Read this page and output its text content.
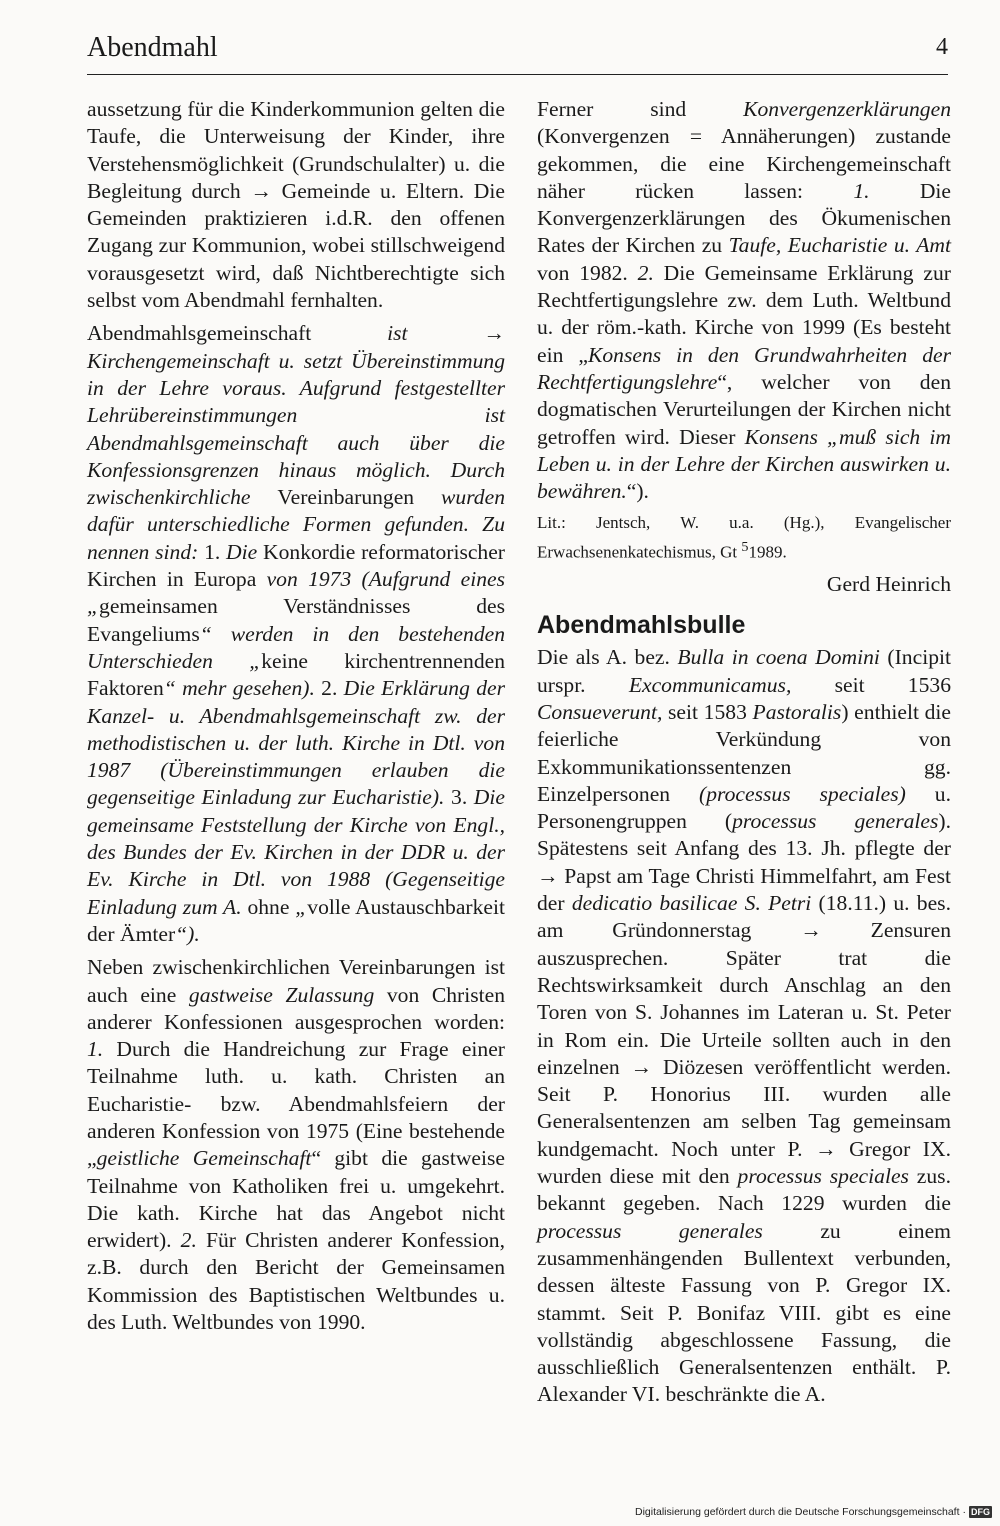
Abendmahl	4

aussetzung für die Kinderkommunion gelten die Taufe, die Unterweisung der Kinder, ihre Verstehensmöglichkeit (Grundschulalter) u. die Begleitung durch → Gemeinde u. Eltern. Die Gemeinden praktizieren i.d.R. den offenen Zugang zur Kommunion, wobei stillschweigend vorausgesetzt wird, daß Nichtberechtigte sich selbst vom Abendmahl fernhalten.

Abendmahlsgemeinschaft ist → Kirchengemeinschaft u. setzt Übereinstimmung in der Lehre voraus. Aufgrund festgestellter Lehrübereinstimmungen ist Abendmahlsgemeinschaft auch über die Konfessionsgrenzen hinaus möglich. Durch zwischenkirchliche Vereinbarungen wurden dafür unterschiedliche Formen gefunden. Zu nennen sind: 1. Die Konkordie reformatorischer Kirchen in Europa von 1973 (Aufgrund eines „gemeinsamen Verständnisses des Evangeliums“ werden in den bestehenden Unterschieden „keine kirchentrennenden Faktoren“ mehr gesehen). 2. Die Erklärung der Kanzel- u. Abendmahlsgemeinschaft zw. der methodistischen u. der luth. Kirche in Dtl. von 1987 (Übereinstimmungen erlauben die gegenseitige Einladung zur Eucharistie). 3. Die gemeinsame Feststellung der Kirche von Engl., des Bundes der Ev. Kirchen in der DDR u. der Ev. Kirche in Dtl. von 1988 (Gegenseitige Einladung zum A. ohne „volle Austauschbarkeit der Ämter“).

Neben zwischenkirchlichen Vereinbarungen ist auch eine gastweise Zulassung von Christen anderer Konfessionen ausgesprochen worden: 1. Durch die Handreichung zur Frage einer Teilnahme luth. u. kath. Christen an Eucharistie- bzw. Abendmahlsfeiern der anderen Konfession von 1975 (Eine bestehende „geistliche Gemeinschaft“ gibt die gastweise Teilnahme von Katholiken frei u. umgekehrt. Die kath. Kirche hat das Angebot nicht erwidert). 2. Für Christen anderer Konfession, z.B. durch den Bericht der Gemeinsamen Kommission des Baptistischen Weltbundes u. des Luth. Weltbundes von 1990.

Ferner sind Konvergenzerklärungen (Konvergenzen = Annäherungen) zustande gekommen, die eine Kirchengemeinschaft näher rücken lassen: 1. Die Konvergenzerklärungen des Ökumenischen Rates der Kirchen zu Taufe, Eucharistie u. Amt von 1982. 2. Die Gemeinsame Erklärung zur Rechtfertigungslehre zw. dem Luth. Weltbund u. der röm.-kath. Kirche von 1999 (Es besteht ein „Konsens in den Grundwahrheiten der Rechtfertigungslehre“, welcher von den dogmatischen Verurteilungen der Kirchen nicht getroffen wird. Dieser Konsens „muß sich im Leben u. in der Lehre der Kirchen auswirken u. bewähren.“).

Lit.: Jentsch, W. u.a. (Hg.), Evangelischer Erwachsenenkatechismus, Gt $^5$1989.

Gerd Heinrich

Abendmahlsbulle

Die als A. bez. Bulla in coena Domini (Incipit urspr. Excommunicamus, seit 1536 Consueverunt, seit 1583 Pastoralis) enthielt die feierliche Verkündung von Exkommunikationssentenzen gg. Einzelpersonen (processus speciales) u. Personengruppen (processus generales). Spätestens seit Anfang des 13. Jh. pflegte der → Papst am Tage Christi Himmelfahrt, am Fest der dedicatio basilicae S. Petri (18.11.) u. bes. am Gründonnerstag → Zensuren auszusprechen. Später trat die Rechtswirksamkeit durch Anschlag an den Toren von S. Johannes im Lateran u. St. Peter in Rom ein. Die Urteile sollten auch in den einzelnen → Diözesen veröffentlicht werden. Seit P. Honorius III. wurden alle Generalsentenzen am selben Tag gemeinsam kundgemacht. Noch unter P. → Gregor IX. wurden diese mit den processus speciales zus. bekannt gegeben. Nach 1229 wurden die processus generales zu einem zusammenhängenden Bullentext verbunden, dessen älteste Fassung von P. Gregor IX. stammt. Seit P. Bonifaz VIII. gibt es eine vollständig abgeschlossene Fassung, die ausschließlich Generalsentenzen enthält. P. Alexander VI. beschränkte die A.

Digitalisierung gefördert durch die Deutsche Forschungsgemeinschaft · DFG
